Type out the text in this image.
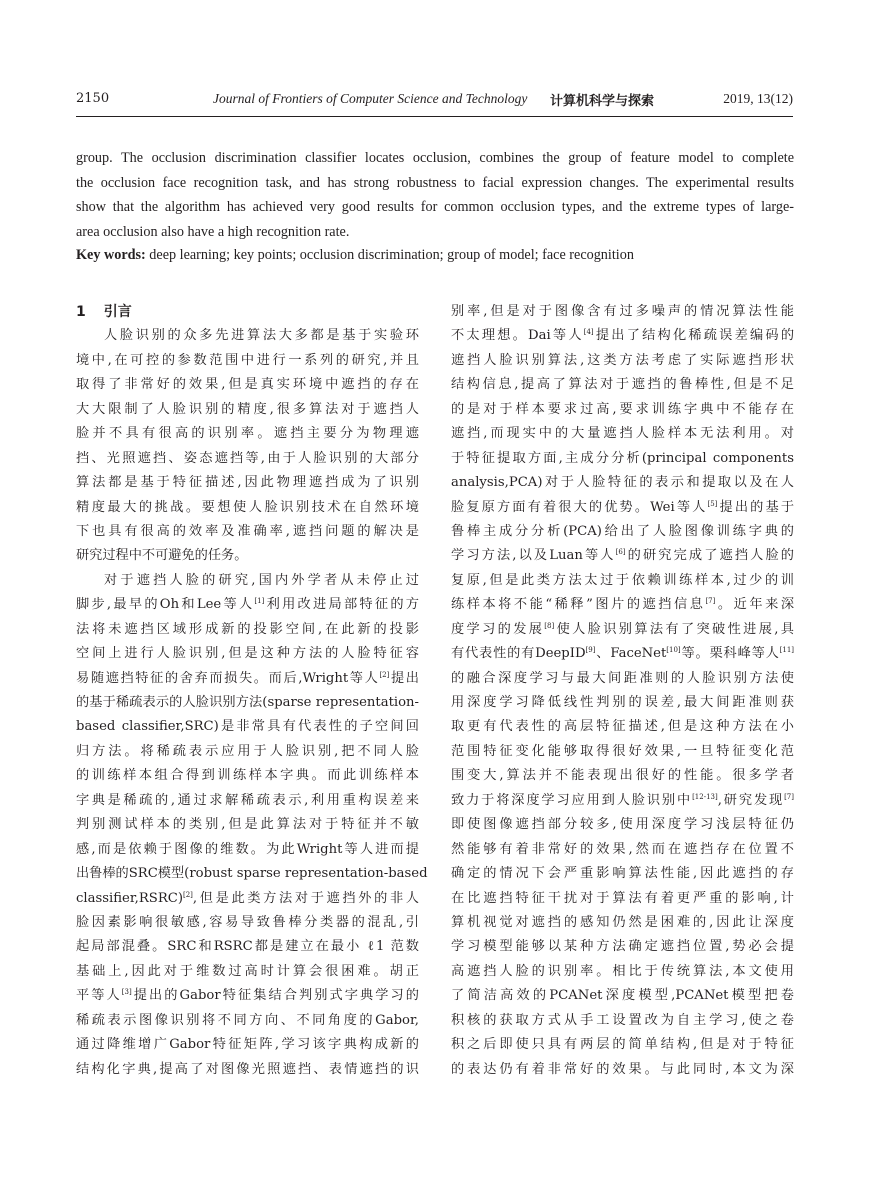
2150	Journal of Frontiers of Computer Science and Technology 计算机科学与探索	2019, 13(12)
group. The occlusion discrimination classifier locates occlusion, combines the group of feature model to complete
the occlusion face recognition task, and has strong robustness to facial expression changes. The experimental results
show that the algorithm has achieved very good results for common occlusion types, and the extreme types of large-
area occlusion also have a high recognition rate.
Key words: deep learning; key points; occlusion discrimination; group of model; face recognition
1 引言
人脸识别的众多先进算法大多都是基于实验环
境中,在可控的参数范围中进行一系列的研究,并且
取得了非常好的效果,但是真实环境中遮挡的存在
大大限制了人脸识别的精度,很多算法对于遮挡人
脸并不具有很高的识别率。遮挡主要分为物理遮
挡、光照遮挡、姿态遮挡等,由于人脸识别的大部分
算法都是基于特征描述,因此物理遮挡成为了识别
精度最大的挑战。要想使人脸识别技术在自然环境
下也具有很高的效率及准确率,遮挡问题的解决是
研究过程中不可避免的任务。
对于遮挡人脸的研究,国内外学者从未停止过
脚步,最早的Oh和Lee等人[1]利用改进局部特征的方
法将未遮挡区域形成新的投影空间,在此新的投影
空间上进行人脸识别,但是这种方法的人脸特征容
易随遮挡特征的舍弃而损失。而后,Wright等人[2]提出
的基于稀疏表示的人脸识别方法(sparse representation-
based classifier,SRC)是非常具有代表性的子空间回
归方法。将稀疏表示应用于人脸识别,把不同人脸
的训练样本组合得到训练样本字典。而此训练样本
字典是稀疏的,通过求解稀疏表示,利用重构误差来
判别测试样本的类别,但是此算法对于特征并不敏
感,而是依赖于图像的维数。为此Wright等人进而提
出鲁棒的SRC模型(robust sparse representation-based
classifier,RSRC)[2],但是此类方法对于遮挡外的非人
脸因素影响很敏感,容易导致鲁棒分类器的混乱,引
起局部混叠。SRC和RSRC都是建立在最小 ℓ1 范数
基础上,因此对于维数过高时计算会很困难。胡正
平等人[3]提出的Gabor特征集结合判别式字典学习的
稀疏表示图像识别将不同方向、不同角度的Gabor,
通过降维增广Gabor特征矩阵,学习该字典构成新的
结构化字典,提高了对图像光照遮挡、表情遮挡的识
别率,但是对于图像含有过多噪声的情况算法性能
不太理想。Dai等人[4]提出了结构化稀疏误差编码的
遮挡人脸识别算法,这类方法考虑了实际遮挡形状
结构信息,提高了算法对于遮挡的鲁棒性,但是不足
的是对于样本要求过高,要求训练字典中不能存在
遮挡,而现实中的大量遮挡人脸样本无法利用。对
于特征提取方面,主成分分析(principal components
analysis,PCA)对于人脸特征的表示和提取以及在人
脸复原方面有着很大的优势。Wei等人[5]提出的基于
鲁棒主成分分析(PCA)给出了人脸图像训练字典的
学习方法,以及Luan等人[6]的研究完成了遮挡人脸的
复原,但是此类方法太过于依赖训练样本,过少的训
练样本将不能“稀释”图片的遮挡信息[7]。近年来深
度学习的发展[8]使人脸识别算法有了突破性进展,具
有代表性的有DeepID[9]、FaceNet[10]等。栗科峰等人[11]
的融合深度学习与最大间距准则的人脸识别方法使
用深度学习降低线性判别的误差,最大间距准则获
取更有代表性的高层特征描述,但是这种方法在小
范围特征变化能够取得很好效果,一旦特征变化范
围变大,算法并不能表现出很好的性能。很多学者
致力于将深度学习应用到人脸识别中[12-13],研究发现[7]
即使图像遮挡部分较多,使用深度学习浅层特征仍
然能够有着非常好的效果,然而在遮挡存在位置不
确定的情况下会严重影响算法性能,因此遮挡的存
在比遮挡特征干扰对于算法有着更严重的影响,计
算机视觉对遮挡的感知仍然是困难的,因此让深度
学习模型能够以某种方法确定遮挡位置,势必会提
高遮挡人脸的识别率。相比于传统算法,本文使用
了简洁高效的PCANet深度模型,PCANet模型把卷
积核的获取方式从手工设置改为自主学习,使之卷
积之后即使只具有两层的简单结构,但是对于特征
的表达仍有着非常好的效果。与此同时,本文为深
